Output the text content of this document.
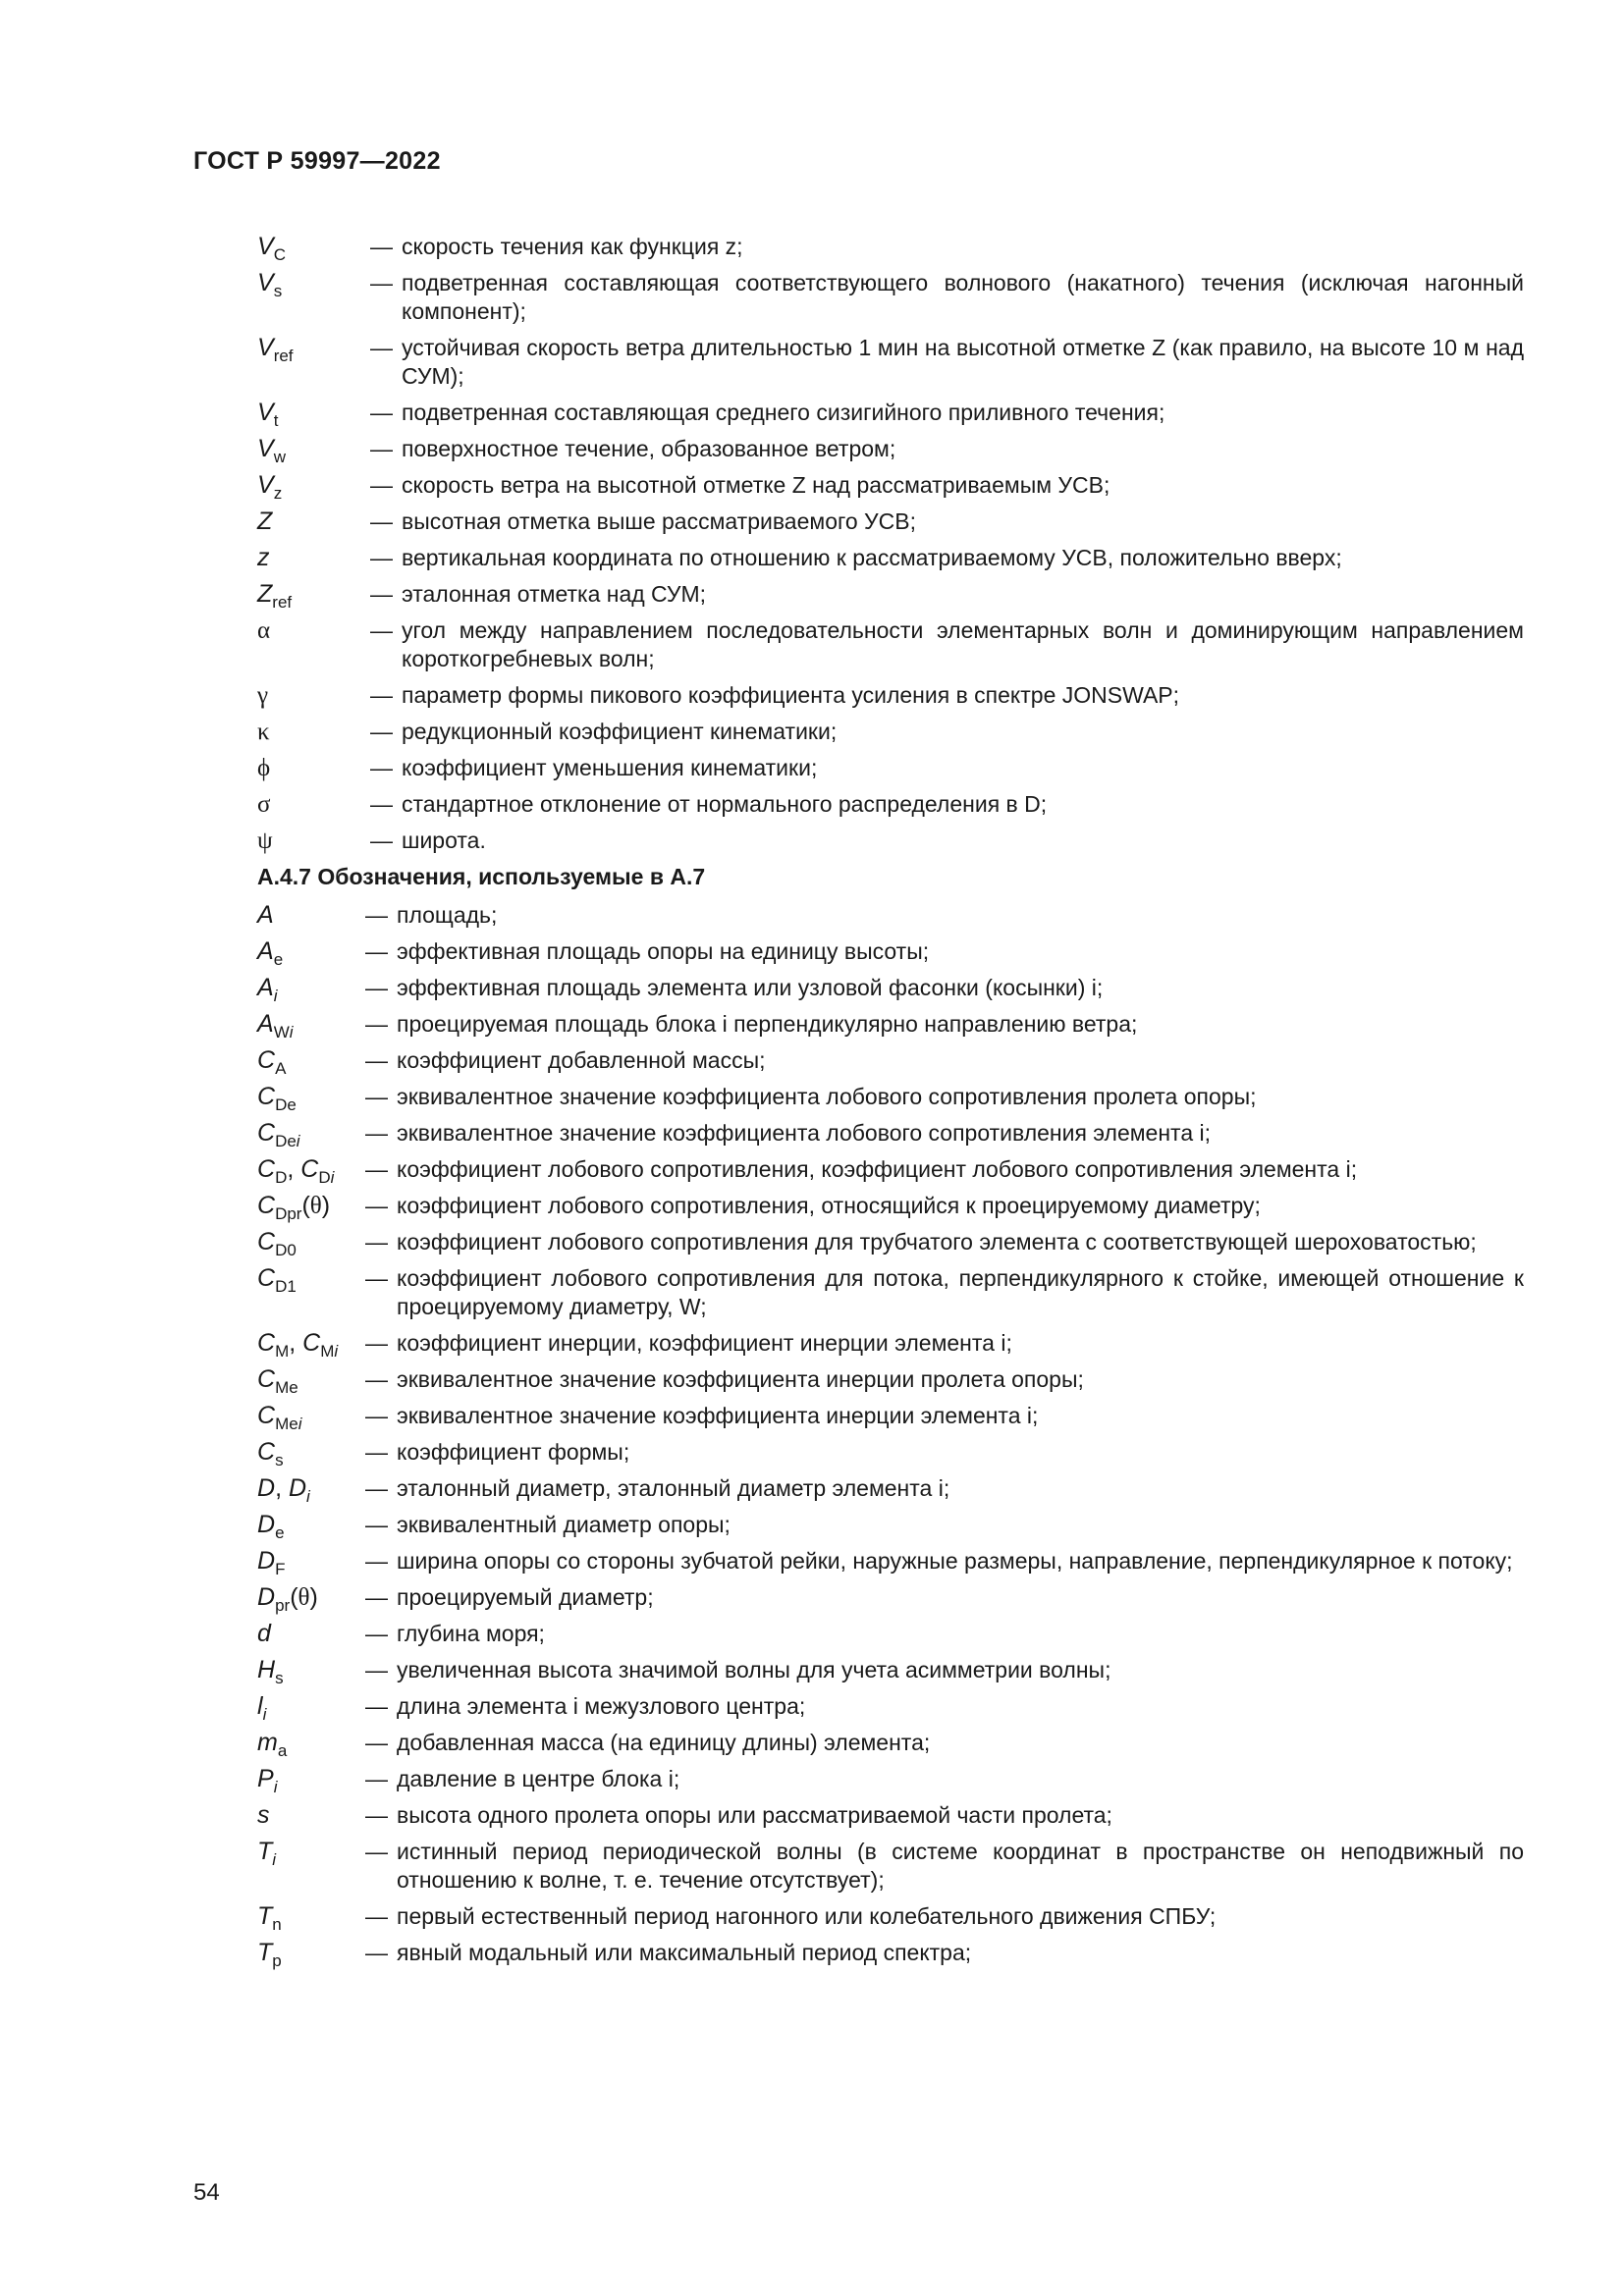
ГОСТ Р 59997—2022
$V_C$	— скорость течения как функция z;
$V_s$	— подветренная составляющая соответствующего волнового (накатного) течения (исключая нагонный компонент);
$V_{ref}$	— устойчивая скорость ветра длительностью 1 мин на высотной отметке Z (как правило, на высоте 10 м над СУМ);
$V_t$	— подветренная составляющая среднего сизигийного приливного течения;
$V_w$	— поверхностное течение, образованное ветром;
$V_z$	— скорость ветра на высотной отметке Z над рассматриваемым УСВ;
Z	— высотная отметка выше рассматриваемого УСВ;
z	— вертикальная координата по отношению к рассматриваемому УСВ, положительно вверх;
$Z_{ref}$	— эталонная отметка над СУМ;
α	— угол между направлением последовательности элементарных волн и доминирующим направлением короткогребневых волн;
γ	— параметр формы пикового коэффициента усиления в спектре JONSWAP;
κ	— редукционный коэффициент кинематики;
ϕ	— коэффициент уменьшения кинематики;
σ	— стандартное отклонение от нормального распределения в D;
ψ	— широта.
А.4.7 Обозначения, используемые в А.7
A	— площадь;
$A_e$	— эффективная площадь опоры на единицу высоты;
$A_i$	— эффективная площадь элемента или узловой фасонки (косынки) i;
$A_{Wi}$	— проецируемая площадь блока i перпендикулярно направлению ветра;
$C_A$	— коэффициент добавленной массы;
$C_{De}$	— эквивалентное значение коэффициента лобового сопротивления пролета опоры;
$C_{Dei}$	— эквивалентное значение коэффициента лобового сопротивления элемента i;
$C_D$, $C_{Di}$	— коэффициент лобового сопротивления, коэффициент лобового сопротивления элемента i;
$C_{Dpr}(\theta)$	— коэффициент лобового сопротивления, относящийся к проецируемому диаметру;
$C_{D0}$	— коэффициент лобового сопротивления для трубчатого элемента с соответствующей шероховатостью;
$C_{D1}$	— коэффициент лобового сопротивления для потока, перпендикулярного к стойке, имеющей отношение к проецируемому диаметру, W;
$C_M$, $C_{Mi}$	— коэффициент инерции, коэффициент инерции элемента i;
$C_{Me}$	— эквивалентное значение коэффициента инерции пролета опоры;
$C_{Mei}$	— эквивалентное значение коэффициента инерции элемента i;
$C_s$	— коэффициент формы;
D, $D_i$	— эталонный диаметр, эталонный диаметр элемента i;
$D_e$	— эквивалентный диаметр опоры;
$D_F$	— ширина опоры со стороны зубчатой рейки, наружные размеры, направление, перпендикулярное к потоку;
$D_{pr}(\theta)$	— проецируемый диаметр;
d	— глубина моря;
$H_s$	— увеличенная высота значимой волны для учета асимметрии волны;
$l_i$	— длина элемента i межузлового центра;
$m_a$	— добавленная масса (на единицу длины) элемента;
$P_i$	— давление в центре блока i;
s	— высота одного пролета опоры или рассматриваемой части пролета;
$T_i$	— истинный период периодической волны (в системе координат в пространстве он неподвижный по отношению к волне, т. е. течение отсутствует);
$T_n$	— первый естественный период нагонного или колебательного движения СПБУ;
$T_p$	— явный модальный или максимальный период спектра;
54
